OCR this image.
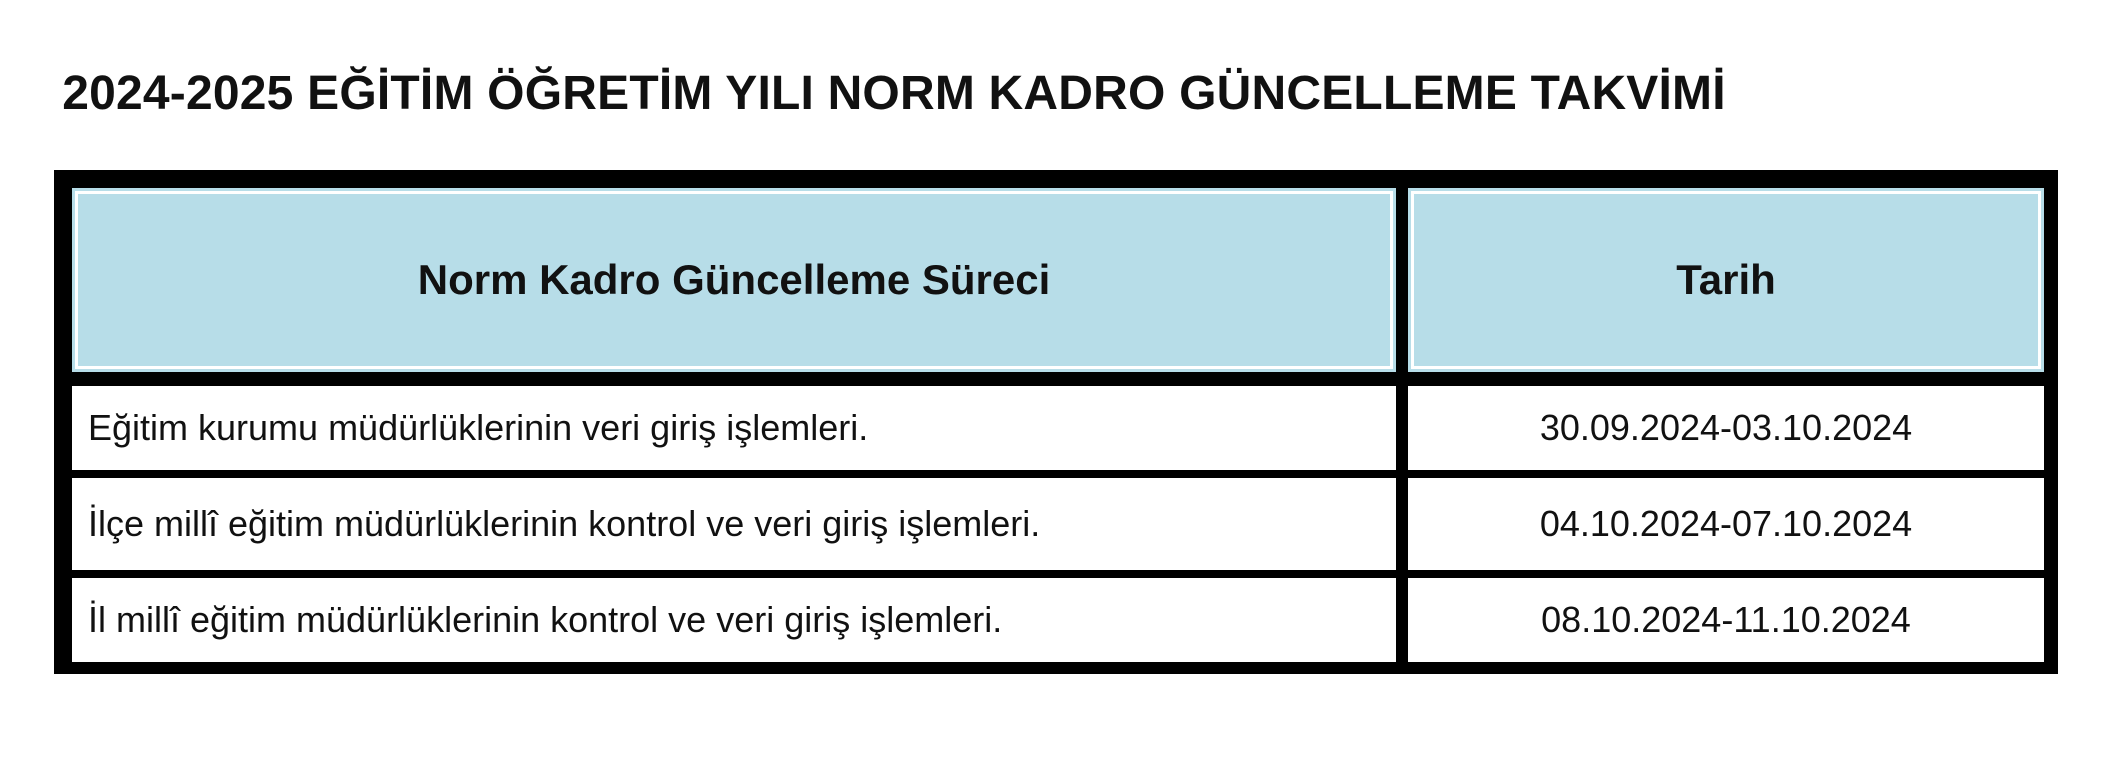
2024-2025 EĞİTİM ÖĞRETİM YILI NORM KADRO GÜNCELLEME TAKVİMİ
Norm Kadro Güncelleme Süreci	Tarih
Eğitim kurumu müdürlüklerinin veri giriş işlemleri.	30.09.2024-03.10.2024
İlçe millî eğitim müdürlüklerinin kontrol ve veri giriş işlemleri.	04.10.2024-07.10.2024
İl millî eğitim müdürlüklerinin kontrol ve veri giriş işlemleri.	08.10.2024-11.10.2024
